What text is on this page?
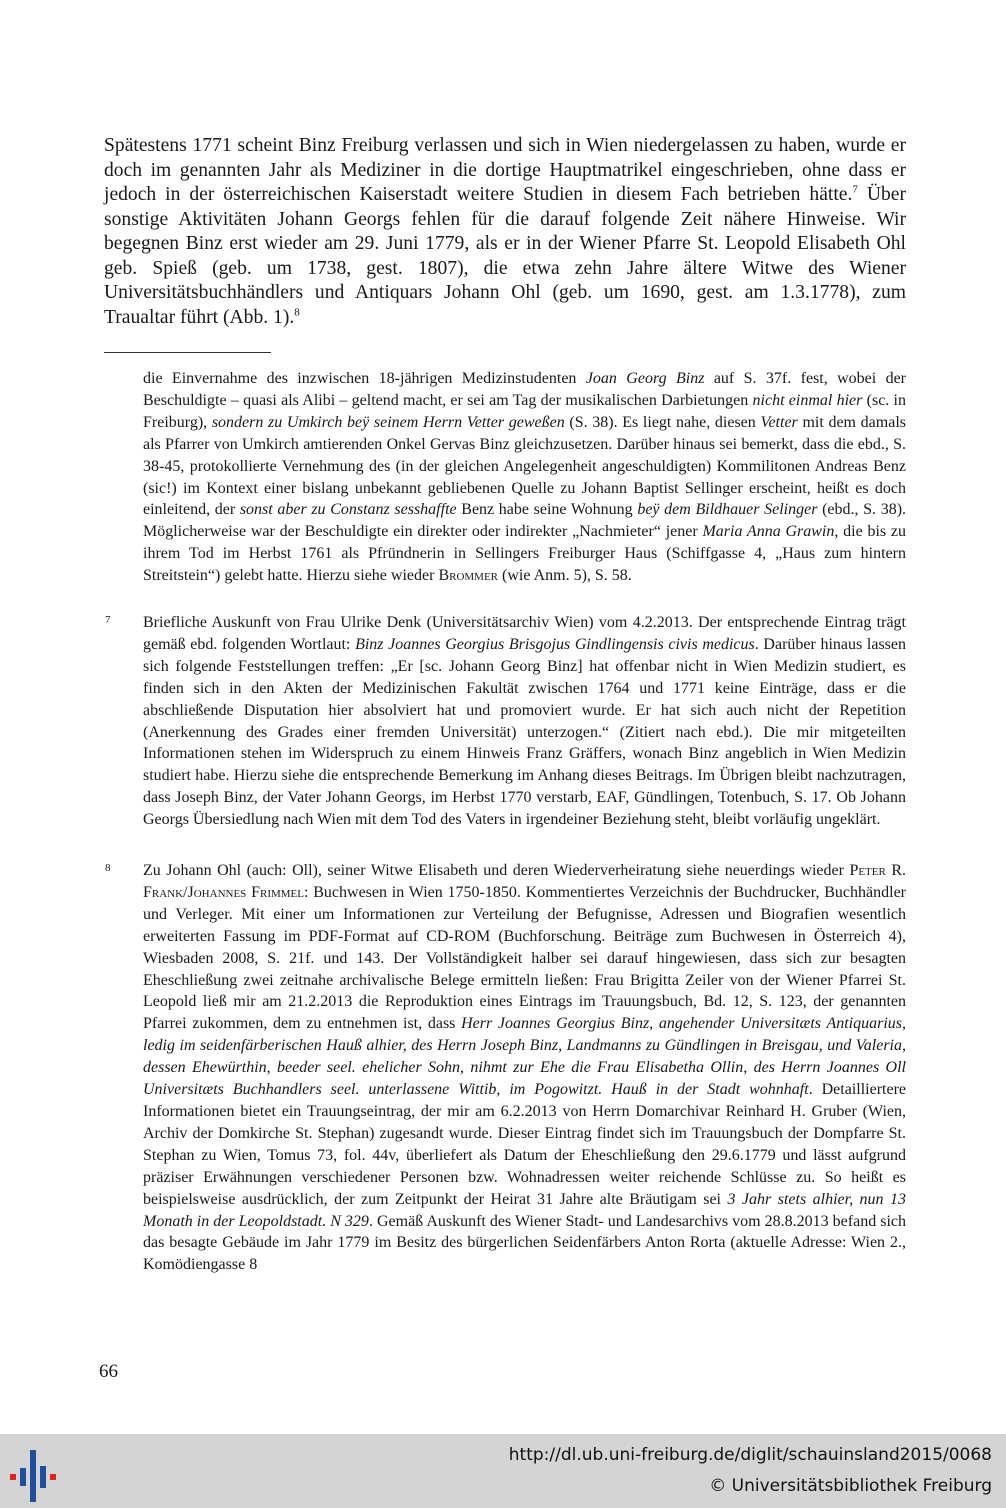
Spätestens 1771 scheint Binz Freiburg verlassen und sich in Wien niedergelassen zu haben, wurde er doch im genannten Jahr als Mediziner in die dortige Hauptmatrikel eingeschrieben, ohne dass er jedoch in der österreichischen Kaiserstadt weitere Studien in diesem Fach betrieben hätte.$^7$ Über sonstige Aktivitäten Johann Georgs fehlen für die darauf folgende Zeit nähere Hinweise. Wir begegnen Binz erst wieder am 29. Juni 1779, als er in der Wiener Pfarre St. Leopold Elisabeth Ohl geb. Spieß (geb. um 1738, gest. 1807), die etwa zehn Jahre ältere Witwe des Wiener Universitätsbuchhändlers und Antiquars Johann Ohl (geb. um 1690, gest. am 1.3.1778), zum Traualtar führt (Abb. 1).$^8$

die Einvernahme des inzwischen 18-jährigen Medizinstudenten Joan Georg Binz auf S. 37f. fest, wobei der Beschuldigte – quasi als Alibi – geltend macht, er sei am Tag der musikalischen Darbietungen nicht einmal hier (sc. in Freiburg), sondern zu Umkirch beÿ seinem Herrn Vetter geweßen (S. 38). Es liegt nahe, diesen Vetter mit dem damals als Pfarrer von Umkirch amtierenden Onkel Gervas Binz gleichzusetzen. Darüber hinaus sei bemerkt, dass die ebd., S. 38-45, protokollierte Vernehmung des (in der gleichen Angelegenheit angeschuldigten) Kommilitonen Andreas Benz (sic!) im Kontext einer bislang unbekannt gebliebenen Quelle zu Johann Baptist Sellinger erscheint, heißt es doch einleitend, der sonst aber zu Constanz sesshaffte Benz habe seine Wohnung beÿ dem Bildhauer Selinger (ebd., S. 38). Möglicherweise war der Beschuldigte ein direkter oder indirekter „Nachmieter“ jener Maria Anna Grawin, die bis zu ihrem Tod im Herbst 1761 als Pfründnerin in Sellingers Freiburger Haus (Schiffgasse 4, „Haus zum hintern Streitstein“) gelebt hatte. Hierzu siehe wieder Brommer (wie Anm. 5), S. 58.

7 Briefliche Auskunft von Frau Ulrike Denk (Universitätsarchiv Wien) vom 4.2.2013. Der entsprechende Eintrag trägt gemäß ebd. folgenden Wortlaut: Binz Joannes Georgius Brisgojus Gindlingensis civis medicus. Darüber hinaus lassen sich folgende Feststellungen treffen: „Er [sc. Johann Georg Binz] hat offenbar nicht in Wien Medizin studiert, es finden sich in den Akten der Medizinischen Fakultät zwischen 1764 und 1771 keine Einträge, dass er die abschließende Disputation hier absolviert hat und promoviert wurde. Er hat sich auch nicht der Repetition (Anerkennung des Grades einer fremden Universität) unterzogen.“ (Zitiert nach ebd.). Die mir mitgeteilten Informationen stehen im Widerspruch zu einem Hinweis Franz Gräffers, wonach Binz angeblich in Wien Medizin studiert habe. Hierzu siehe die entsprechende Bemerkung im Anhang dieses Beitrags. Im Übrigen bleibt nachzutragen, dass Joseph Binz, der Vater Johann Georgs, im Herbst 1770 verstarb, EAF, Gündlingen, Totenbuch, S. 17. Ob Johann Georgs Übersiedlung nach Wien mit dem Tod des Vaters in irgendeiner Beziehung steht, bleibt vorläufig ungeklärt.

8 Zu Johann Ohl (auch: Oll), seiner Witwe Elisabeth und deren Wiederverheiratung siehe neuerdings wieder Peter R. Frank/Johannes Frimmel: Buchwesen in Wien 1750-1850. Kommentiertes Verzeichnis der Buchdrucker, Buchhändler und Verleger. Mit einer um Informationen zur Verteilung der Befugnisse, Adressen und Biografien wesentlich erweiterten Fassung im PDF-Format auf CD-ROM (Buchforschung. Beiträge zum Buchwesen in Österreich 4), Wiesbaden 2008, S. 21f. und 143. Der Vollständigkeit halber sei darauf hingewiesen, dass sich zur besagten Eheschließung zwei zeitnahe archivalische Belege ermitteln ließen: Frau Brigitta Zeiler von der Wiener Pfarrei St. Leopold ließ mir am 21.2.2013 die Reproduktion eines Eintrags im Trauungsbuch, Bd. 12, S. 123, der genannten Pfarrei zukommen, dem zu entnehmen ist, dass Herr Joannes Georgius Binz, angehender Universitæts Antiquarius, ledig im seidenfärberischen Hauß alhier, des Herrn Joseph Binz, Landmanns zu Gündlingen in Breisgau, und Valeria, dessen Ehewürthin, beeder seel. ehelicher Sohn, nihmt zur Ehe die Frau Elisabetha Ollin, des Herrn Joannes Oll Universitæts Buchhandlers seel. unterlassene Wittib, im Pogowitzt. Hauß in der Stadt wohnhaft. Detailliertere Informationen bietet ein Trauungseintrag, der mir am 6.2.2013 von Herrn Domarchivar Reinhard H. Gruber (Wien, Archiv der Domkirche St. Stephan) zugesandt wurde. Dieser Eintrag findet sich im Trauungsbuch der Dompfarre St. Stephan zu Wien, Tomus 73, fol. 44v, überliefert als Datum der Eheschließung den 29.6.1779 und lässt aufgrund präziser Erwähnungen verschiedener Personen bzw. Wohnadressen weiter reichende Schlüsse zu. So heißt es beispielsweise ausdrücklich, der zum Zeitpunkt der Heirat 31 Jahre alte Bräutigam sei 3 Jahr stets alhier, nun 13 Monath in der Leopoldstadt. N 329. Gemäß Auskunft des Wiener Stadt- und Landesarchivs vom 28.8.2013 befand sich das besagte Gebäude im Jahr 1779 im Besitz des bürgerlichen Seidenfärbers Anton Rorta (aktuelle Adresse: Wien 2., Komödiengasse 8

66
http://dl.ub.uni-freiburg.de/diglit/schauinsland2015/0068
© Universitätsbibliothek Freiburg
